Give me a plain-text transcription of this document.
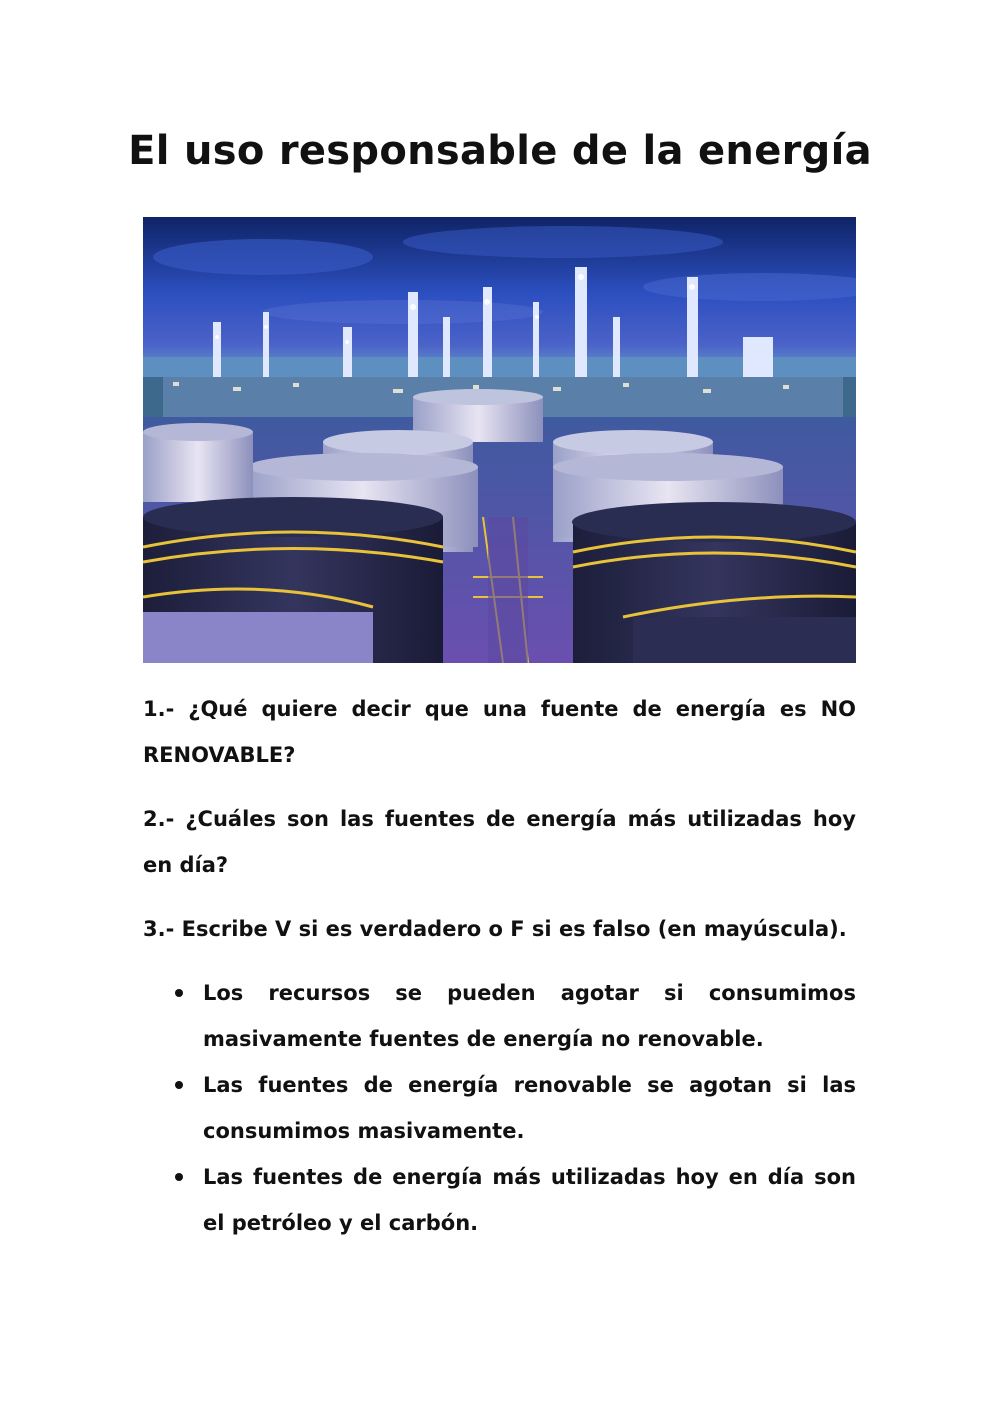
El uso responsable de la energía

1.- ¿Qué quiere decir que una fuente de energía es NO RENOVABLE?

2.- ¿Cuáles son las fuentes de energía más utilizadas hoy en día?

3.- Escribe V si es verdadero o F si es falso (en mayúscula).

Los recursos se pueden agotar si consumimos masivamente fuentes de energía no renovable.
Las fuentes de energía renovable se agotan si las consumimos masivamente.
Las fuentes de energía más utilizadas hoy en día son el petróleo y el carbón.
